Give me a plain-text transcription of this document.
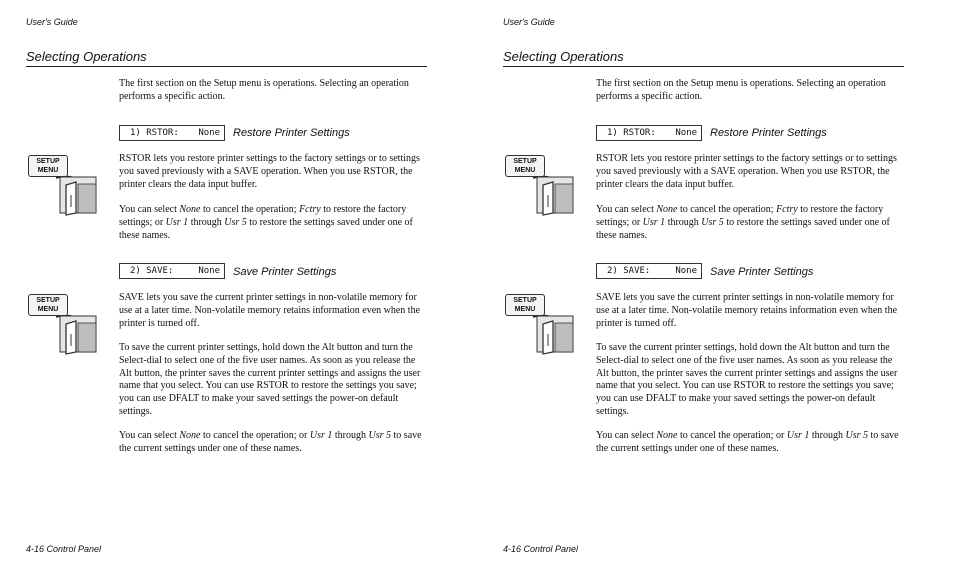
User's Guide
Selecting Operations
The first section on the Setup menu is operations. Selecting an operation performs a specific action.
1) RSTOR: None Restore Printer Settings
SETUP
MENU
RSTOR lets you restore printer settings to the factory settings or to settings you saved previously with a SAVE operation. When you use RSTOR, the printer clears the data input buffer.
You can select None to cancel the operation; Fctry to restore the factory settings; or Usr 1 through Usr 5 to restore the settings saved under one of these names.
2) SAVE:	None Save Printer Settings
SETUP
MENU
SAVE lets you save the current printer settings in non-volatile memory for use at a later time. Non-volatile memory retains information even when the printer is turned off.
To save the current printer settings, hold down the Alt button and turn the Select-dial to select one of the five user names. As soon as you release the Alt button, the printer saves the current printer settings and assigns the user name that you select. You can use RSTOR to restore the settings you save; you can use DFALT to make your saved settings the power-on default settings.
You can select None to cancel the operation; or Usr 1 through Usr 5 to save the current settings under one of these names.
4-16 Control Panel
User's Guide
Selecting Operations
The first section on the Setup menu is operations. Selecting an operation performs a specific action.
1) RSTOR: None Restore Printer Settings
SETUP
MENU
RSTOR lets you restore printer settings to the factory settings or to settings you saved previously with a SAVE operation. When you use RSTOR, the printer clears the data input buffer.
You can select None to cancel the operation; Fctry to restore the factory settings; or Usr 1 through Usr 5 to restore the settings saved under one of these names.
2) SAVE:	None Save Printer Settings
SETUP
MENU
SAVE lets you save the current printer settings in non-volatile memory for use at a later time. Non-volatile memory retains information even when the printer is turned off.
To save the current printer settings, hold down the Alt button and turn the Select-dial to select one of the five user names. As soon as you release the Alt button, the printer saves the current printer settings and assigns the user name that you select. You can use RSTOR to restore the settings you save; you can use DFALT to make your saved settings the power-on default settings.
You can select None to cancel the operation; or Usr 1 through Usr 5 to save the current settings under one of these names.
4-16 Control Panel
